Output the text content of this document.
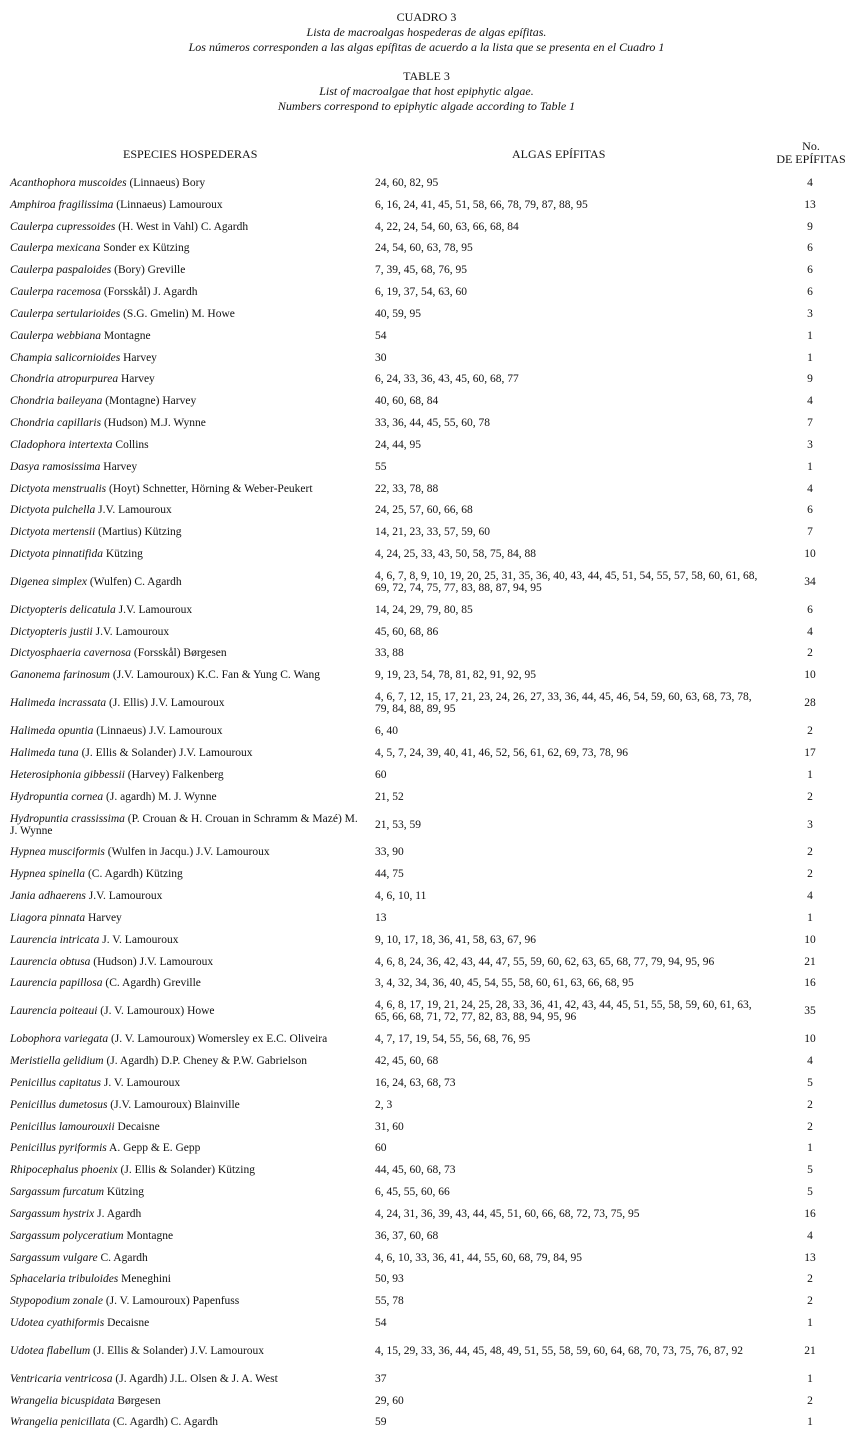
CUADRO 3
Lista de macroalgas hospederas de algas epífitas.
Los números corresponden a las algas epífitas de acuerdo a la lista que se presenta en el Cuadro 1
TABLE 3
List of macroalgae that host epiphytic algae.
Numbers correspond to epiphytic algade according to Table 1
ESPECIES HOSPEDERAS	ALGAS EPÍFITAS
No.
DE EPÍFITAS
Acanthophora muscoides (Linnaeus) Bory	24, 60, 82, 95	4
Amphiroa fragilissima (Linnaeus) Lamouroux	6, 16, 24, 41, 45, 51, 58, 66, 78, 79, 87, 88, 95	13
Caulerpa cupressoides (H. West in Vahl) C. Agardh	4, 22, 24, 54, 60, 63, 66, 68, 84	9
Caulerpa mexicana Sonder ex Kützing	24, 54, 60, 63, 78, 95	6
Caulerpa paspaloides (Bory) Greville	7, 39, 45, 68, 76, 95	6
Caulerpa racemosa (Forsskål) J. Agardh	6, 19, 37, 54, 63, 60	6
Caulerpa sertularioides (S.G. Gmelin) M. Howe	40, 59, 95	3
Caulerpa webbiana Montagne	54	1
Champia salicornioides Harvey	30	1
Chondria atropurpurea Harvey	6, 24, 33, 36, 43, 45, 60, 68, 77	9
Chondria baileyana (Montagne) Harvey	40, 60, 68, 84	4
Chondria capillaris (Hudson) M.J. Wynne	33, 36, 44, 45, 55, 60, 78	7
Cladophora intertexta Collins	24, 44, 95	3
Dasya ramosissima Harvey	55	1
Dictyota menstrualis (Hoyt) Schnetter, Hörning & Weber-Peukert	22, 33, 78, 88	4
Dictyota pulchella J.V. Lamouroux	24, 25, 57, 60, 66, 68	6
Dictyota mertensii (Martius) Kützing	14, 21, 23, 33, 57, 59, 60	7
Dictyota pinnatifida Kützing	4, 24, 25, 33, 43, 50, 58, 75, 84, 88	10
Digenea simplex (Wulfen) C. Agardh	4, 6, 7, 8, 9, 10, 19, 20, 25, 31, 35, 36, 40, 43, 44, 45, 51, 54, 55, 57, 58, 60, 61, 68, 69, 72, 74, 75, 77, 83, 88, 87, 94, 95	34
Dictyopteris delicatula J.V. Lamouroux	14, 24, 29, 79, 80, 85	6
Dictyopteris justii J.V. Lamouroux	45, 60, 68, 86	4
Dictyosphaeria cavernosa (Forsskål) Børgesen	33, 88	2
Ganonema farinosum (J.V. Lamouroux) K.C. Fan & Yung C. Wang	9, 19, 23, 54, 78, 81, 82, 91, 92, 95	10
Halimeda incrassata (J. Ellis) J.V. Lamouroux	4, 6, 7, 12, 15, 17, 21, 23, 24, 26, 27, 33, 36, 44, 45, 46, 54, 59, 60, 63, 68, 73, 78, 79, 84, 88, 89, 95	28
Halimeda opuntia (Linnaeus) J.V. Lamouroux	6, 40	2
Halimeda tuna (J. Ellis & Solander) J.V. Lamouroux	4, 5, 7, 24, 39, 40, 41, 46, 52, 56, 61, 62, 69, 73, 78, 96	17
Heterosiphonia gibbessii (Harvey) Falkenberg	60	1
Hydropuntia cornea (J. agardh) M. J. Wynne	21, 52	2
Hydropuntia crassissima (P. Crouan & H. Crouan in Schramm & Mazé) M. J. Wynne	21, 53, 59	3
Hypnea musciformis (Wulfen in Jacqu.) J.V. Lamouroux	33, 90	2
Hypnea spinella (C. Agardh) Kützing	44, 75	2
Jania adhaerens J.V. Lamouroux	4, 6, 10, 11	4
Liagora pinnata Harvey	13	1
Laurencia intricata J. V. Lamouroux	9, 10, 17, 18, 36, 41, 58, 63, 67, 96	10
Laurencia obtusa (Hudson) J.V. Lamouroux	4, 6, 8, 24, 36, 42, 43, 44, 47, 55, 59, 60, 62, 63, 65, 68, 77, 79, 94, 95, 96	21
Laurencia papillosa (C. Agardh) Greville	3, 4, 32, 34, 36, 40, 45, 54, 55, 58, 60, 61, 63, 66, 68, 95	16
Laurencia poiteaui (J. V. Lamouroux) Howe	4, 6, 8, 17, 19, 21, 24, 25, 28, 33, 36, 41, 42, 43, 44, 45, 51, 55, 58, 59, 60, 61, 63, 65, 66, 68, 71, 72, 77, 82, 83, 88, 94, 95, 96	35
Lobophora variegata (J. V. Lamouroux) Womersley ex E.C. Oliveira	4, 7, 17, 19, 54, 55, 56, 68, 76, 95	10
Meristiella gelidium (J. Agardh) D.P. Cheney & P.W. Gabrielson	42, 45, 60, 68	4
Penicillus capitatus J. V. Lamouroux	16, 24, 63, 68, 73	5
Penicillus dumetosus (J.V. Lamouroux) Blainville	2, 3	2
Penicillus lamourouxii Decaisne	31, 60	2
Penicillus pyriformis A. Gepp & E. Gepp	60	1
Rhipocephalus phoenix (J. Ellis & Solander) Kützing	44, 45, 60, 68, 73	5
Sargassum furcatum Kützing	6, 45, 55, 60, 66	5
Sargassum hystrix J. Agardh	4, 24, 31, 36, 39, 43, 44, 45, 51, 60, 66, 68, 72, 73, 75, 95	16
Sargassum polyceratium Montagne	36, 37, 60, 68	4
Sargassum vulgare C. Agardh	4, 6, 10, 33, 36, 41, 44, 55, 60, 68, 79, 84, 95	13
Sphacelaria tribuloides Meneghini	50, 93	2
Stypopodium zonale (J. V. Lamouroux) Papenfuss	55, 78	2
Udotea cyathiformis Decaisne	54	1
Udotea flabellum (J. Ellis & Solander) J.V. Lamouroux	4, 15, 29, 33, 36, 44, 45, 48, 49, 51, 55, 58, 59, 60, 64, 68, 70, 73, 75, 76, 87, 92	21
Ventricaria ventricosa (J. Agardh) J.L. Olsen & J. A. West	37	1
Wrangelia bicuspidata Børgesen	29, 60	2
Wrangelia penicillata (C. Agardh) C. Agardh	59	1
